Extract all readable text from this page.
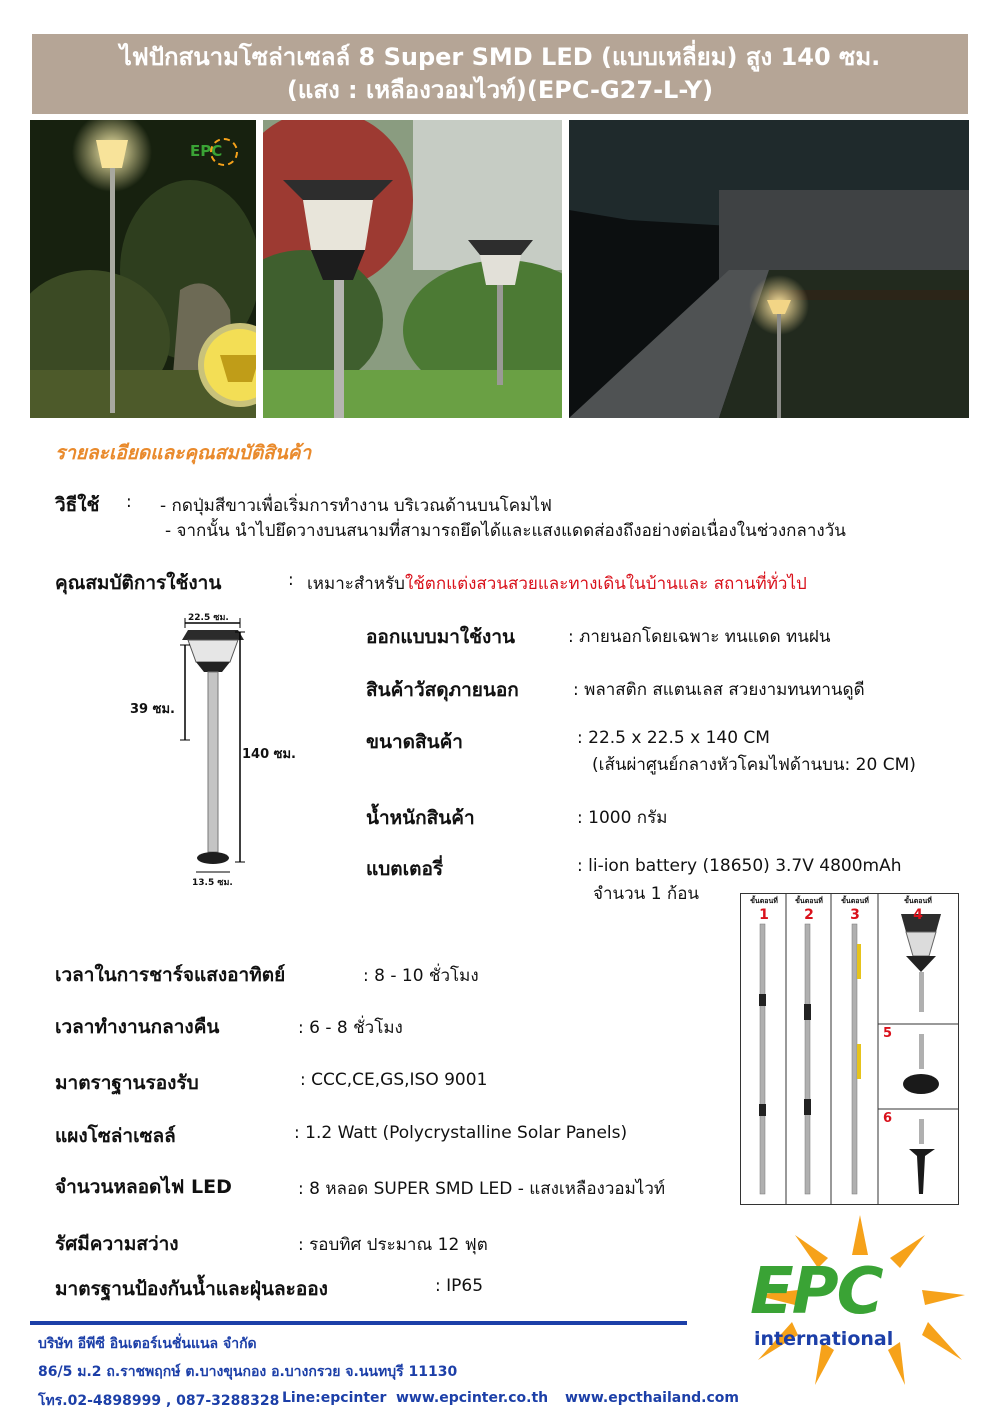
ไฟปักสนามโซล่าเซลล์ 8 Super SMD LED (แบบเหลี่ยม) สูง 140 ซม.
(แสง : เหลืองวอมไวท์)(EPC-G27-L-Y)
EPC
รายละเอียดและคุณสมบัติสินค้า
วิธีใช้ : - กดปุ่มสีขาวเพื่อเริ่มการทำงาน บริเวณด้านบนโคมไฟ
- จากนั้น นำไปยึดวางบนสนามที่สามารถยึดได้และแสงแดดส่องถึงอย่างต่อเนื่องในช่วงกลางวัน
คุณสมบัติการใช้งาน	: เหมาะสำหรับใช้ตกแต่งสวนสวยและทางเดินในบ้านและ สถานที่ทั่วไป
22.5 ซม.
39 ซม.
140 ซม.
13.5 ซม.
ออกแบบมาใช้งาน	: ภายนอกโดยเฉพาะ ทนแดด ทนฝน
สินค้าวัสดุภายนอก	: พลาสติก สแตนเลส สวยงามทนทานดูดี
ขนาดสินค้า	: 22.5 x 22.5 x 140 CM
(เส้นผ่าศูนย์กลางหัวโคมไฟด้านบน: 20 CM)
น้ำหนักสินค้า	: 1000 กรัม
แบตเตอรี่	: li-ion battery (18650) 3.7V 4800mAh
จำนวน 1 ก้อน
เวลาในการชาร์จแสงอาทิตย์	: 8 - 10 ชั่วโมง
เวลาทำงานกลางคืน	: 6 - 8 ชั่วโมง
มาตราฐานรองรับ	: CCC,CE,GS,ISO 9001
แผงโซล่าเซลล์	: 1.2 Watt (Polycrystalline Solar Panels)
จำนวนหลอดไฟ LED	: 8 หลอด SUPER SMD LED - แสงเหลืองวอมไวท์
รัศมีความสว่าง	: รอบทิศ ประมาณ 12 ฟุต
มาตรฐานป้องกันน้ำและฝุ่นละออง	: IP65
ขั้นตอนที่
1
ขั้นตอนที่
2
ขั้นตอนที่
3
ขั้นตอนที่
4
5
6
EPC
international
บริษัท อีพีซี อินเตอร์เนชั่นแนล จำกัด
86/5 ม.2 ถ.ราชพฤกษ์ ต.บางขุนกอง อ.บางกรวย จ.นนทบุรี 11130
โทร.02-4898999 , 087-3288328 Line:epcinter www.epcinter.co.th www.epcthailand.com
